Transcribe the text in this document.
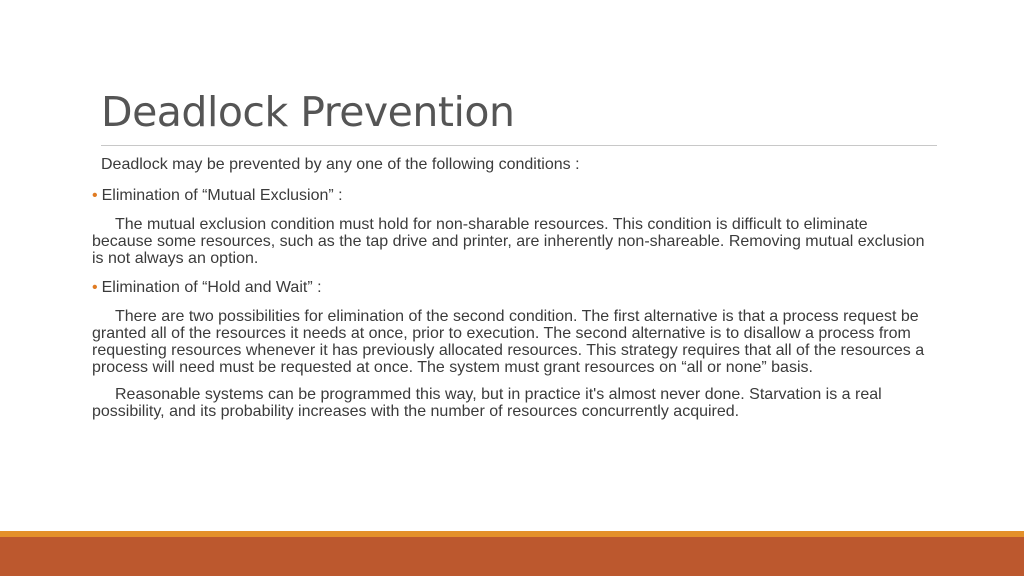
Deadlock Prevention

Deadlock may be prevented by any one of the following conditions :

• Elimination of “Mutual Exclusion” :

The mutual exclusion condition must hold for non-sharable resources. This condition is difficult to eliminate because some resources, such as the tap drive and printer, are inherently non-shareable. Removing mutual exclusion is not always an option.

• Elimination of “Hold and Wait” :

There are two possibilities for elimination of the second condition. The first alternative is that a process request be granted all of the resources it needs at once, prior to execution. The second alternative is to disallow a process from requesting resources whenever it has previously allocated resources. This strategy requires that all of the resources a process will need must be requested at once. The system must grant resources on “all or none” basis.

Reasonable systems can be programmed this way, but in practice it's almost never done. Starvation is a real possibility, and its probability increases with the number of resources concurrently acquired.
